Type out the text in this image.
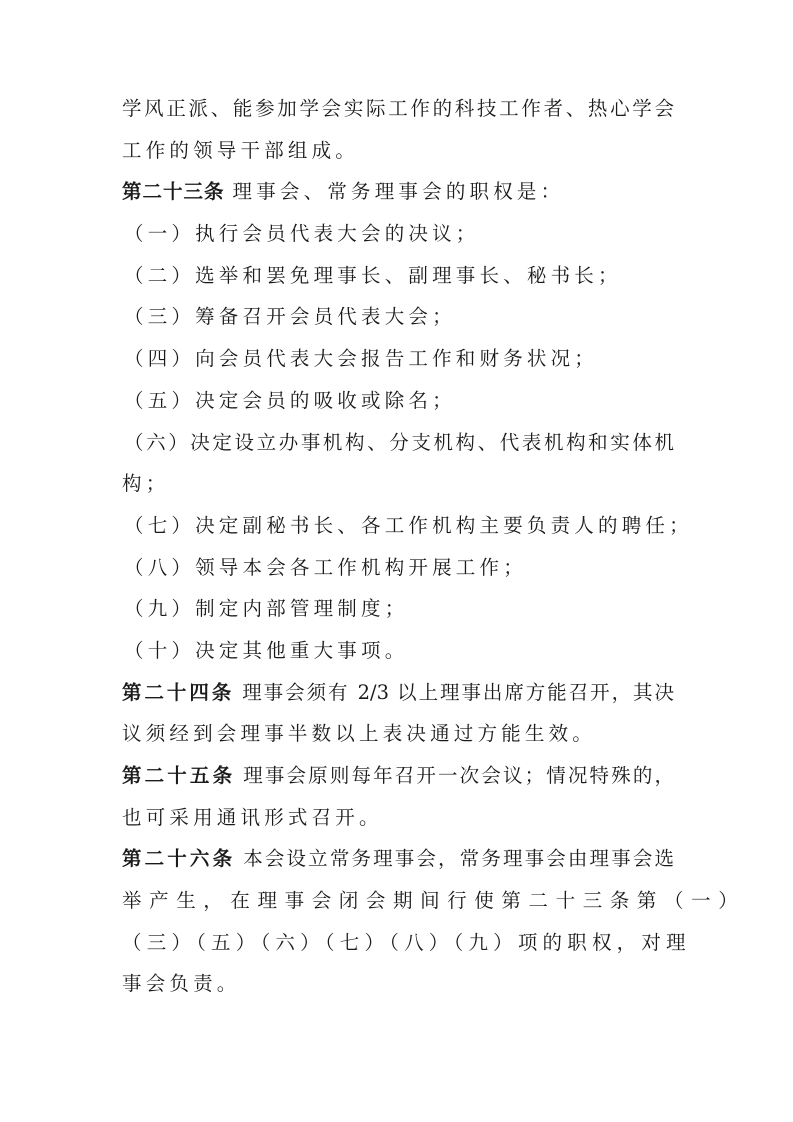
学风正派、能参加学会实际工作的科技工作者、热心学会
工作的领导干部组成。
第二十三条 理事会、常务理事会的职权是：
（一）执行会员代表大会的决议；
（二）选举和罢免理事长、副理事长、秘书长；
（三）筹备召开会员代表大会；
（四）向会员代表大会报告工作和财务状况；
（五）决定会员的吸收或除名；
（六）决定设立办事机构、分支机构、代表机构和实体机
构；
（七）决定副秘书长、各工作机构主要负责人的聘任；
（八）领导本会各工作机构开展工作；
（九）制定内部管理制度；
（十）决定其他重大事项。
第二十四条 理事会须有 2/3 以上理事出席方能召开，其决
议须经到会理事半数以上表决通过方能生效。
第二十五条 理事会原则每年召开一次会议；情况特殊的，
也可采用通讯形式召开。
第二十六条 本会设立常务理事会，常务理事会由理事会选
举产生，在理事会闭会期间行使第二十三条第（一）
（三）（五）（六）（七）（八）（九）项的职权，对理
事会负责。
